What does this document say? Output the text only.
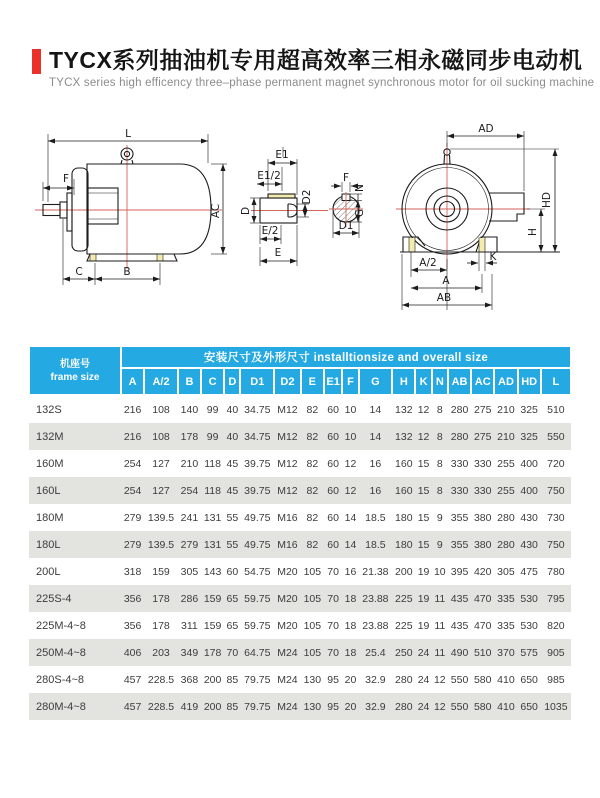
TYCX系列抽油机专用超高效率三相永磁同步电动机
TYCX series high efficency three–phase permanent magnet synchronous motor for oil sucking machine
L
F
AC
C	B
E1
E1/2
D
D2
E/2
E
F
N
G
D1
AD
HD
H
A/2
A
AB
K
机座号
frame size	安装尺寸及外形尺寸 installtionsize and overall size																		
	A	A/2	B	C	D	D1	D2	E	E1	F	G	H	K	N	AB	AC	AD	HD	L
132S	216	108	140	99	40	34.75	M12	82	60	10	14	132	12	8	280	275	210	325	510
132M	216	108	178	99	40	34.75	M12	82	60	10	14	132	12	8	280	275	210	325	550
160M	254	127	210	118	45	39.75	M12	82	60	12	16	160	15	8	330	330	255	400	720
160L	254	127	254	118	45	39.75	M12	82	60	12	16	160	15	8	330	330	255	400	750
180M	279	139.5	241	131	55	49.75	M16	82	60	14	18.5	180	15	9	355	380	280	430	730
180L	279	139.5	279	131	55	49.75	M16	82	60	14	18.5	180	15	9	355	380	280	430	750
200L	318	159	305	143	60	54.75	M20	105	70	16	21.38	200	19	10	395	420	305	475	780
225S-4	356	178	286	159	65	59.75	M20	105	70	18	23.88	225	19	11	435	470	335	530	795
225M-4~8	356	178	311	159	65	59.75	M20	105	70	18	23.88	225	19	11	435	470	335	530	820
250M-4~8	406	203	349	178	70	64.75	M24	105	70	18	25.4	250	24	11	490	510	370	575	905
280S-4~8	457	228.5	368	200	85	79.75	M24	130	95	20	32.9	280	24	12	550	580	410	650	985
280M-4~8	457	228.5	419	200	85	79.75	M24	130	95	20	32.9	280	24	12	550	580	410	650	1035
